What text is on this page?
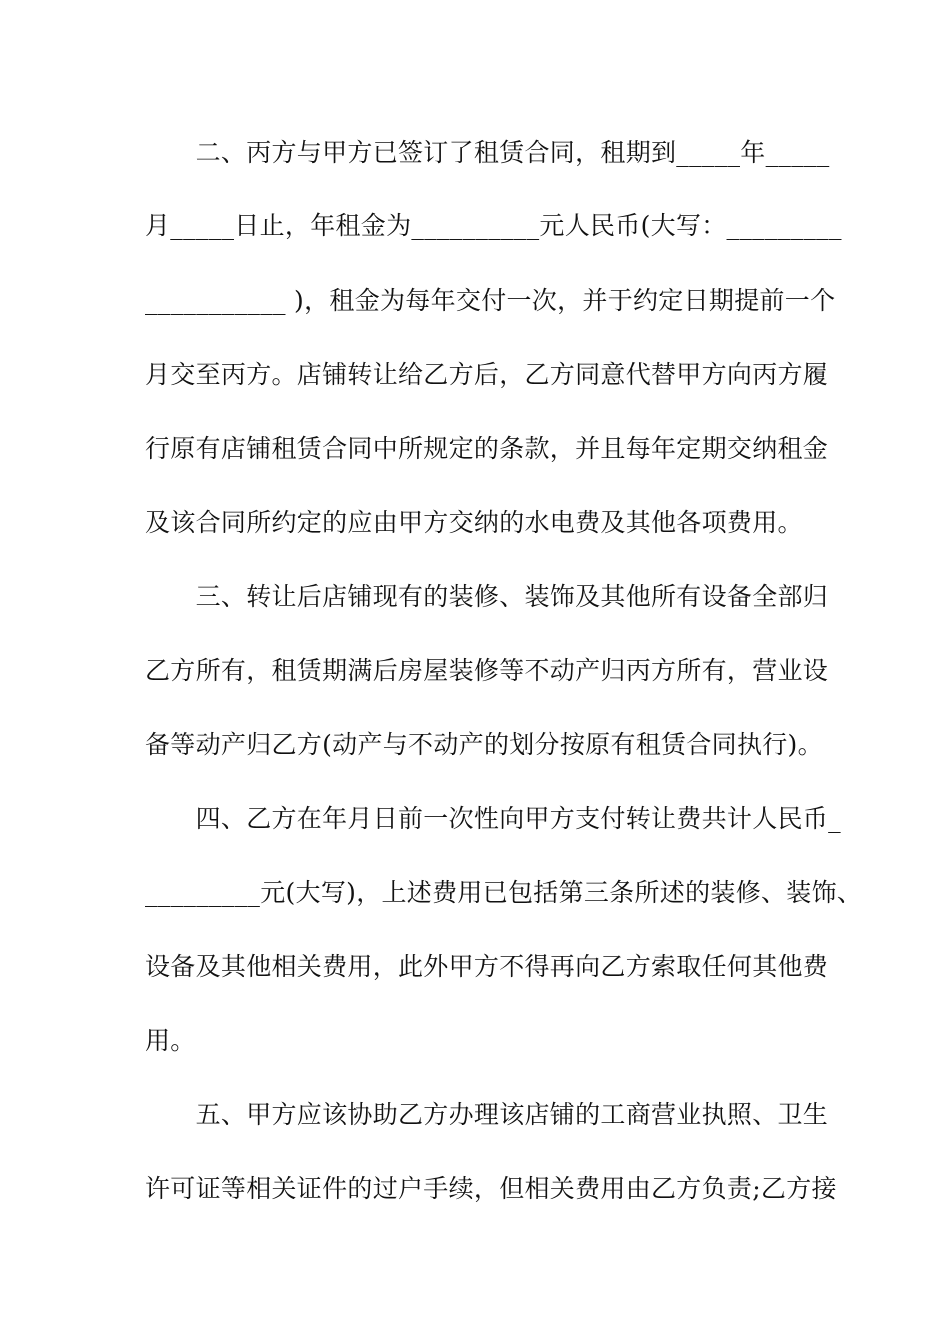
　　二、丙方与甲方已签订了租赁合同，租期到_____年_____
月_____日止，年租金为__________元人民币(大写：_________
___________ )，租金为每年交付一次，并于约定日期提前一个
月交至丙方。店铺转让给乙方后，乙方同意代替甲方向丙方履
行原有店铺租赁合同中所规定的条款，并且每年定期交纳租金
及该合同所约定的应由甲方交纳的水电费及其他各项费用。
　　三、转让后店铺现有的装修、装饰及其他所有设备全部归
乙方所有，租赁期满后房屋装修等不动产归丙方所有，营业设
备等动产归乙方(动产与不动产的划分按原有租赁合同执行)。
　　四、乙方在年月日前一次性向甲方支付转让费共计人民币_
_________元(大写)，上述费用已包括第三条所述的装修、装饰、
设备及其他相关费用，此外甲方不得再向乙方索取任何其他费
用。
　　五、甲方应该协助乙方办理该店铺的工商营业执照、卫生
许可证等相关证件的过户手续，但相关费用由乙方负责;乙方接
